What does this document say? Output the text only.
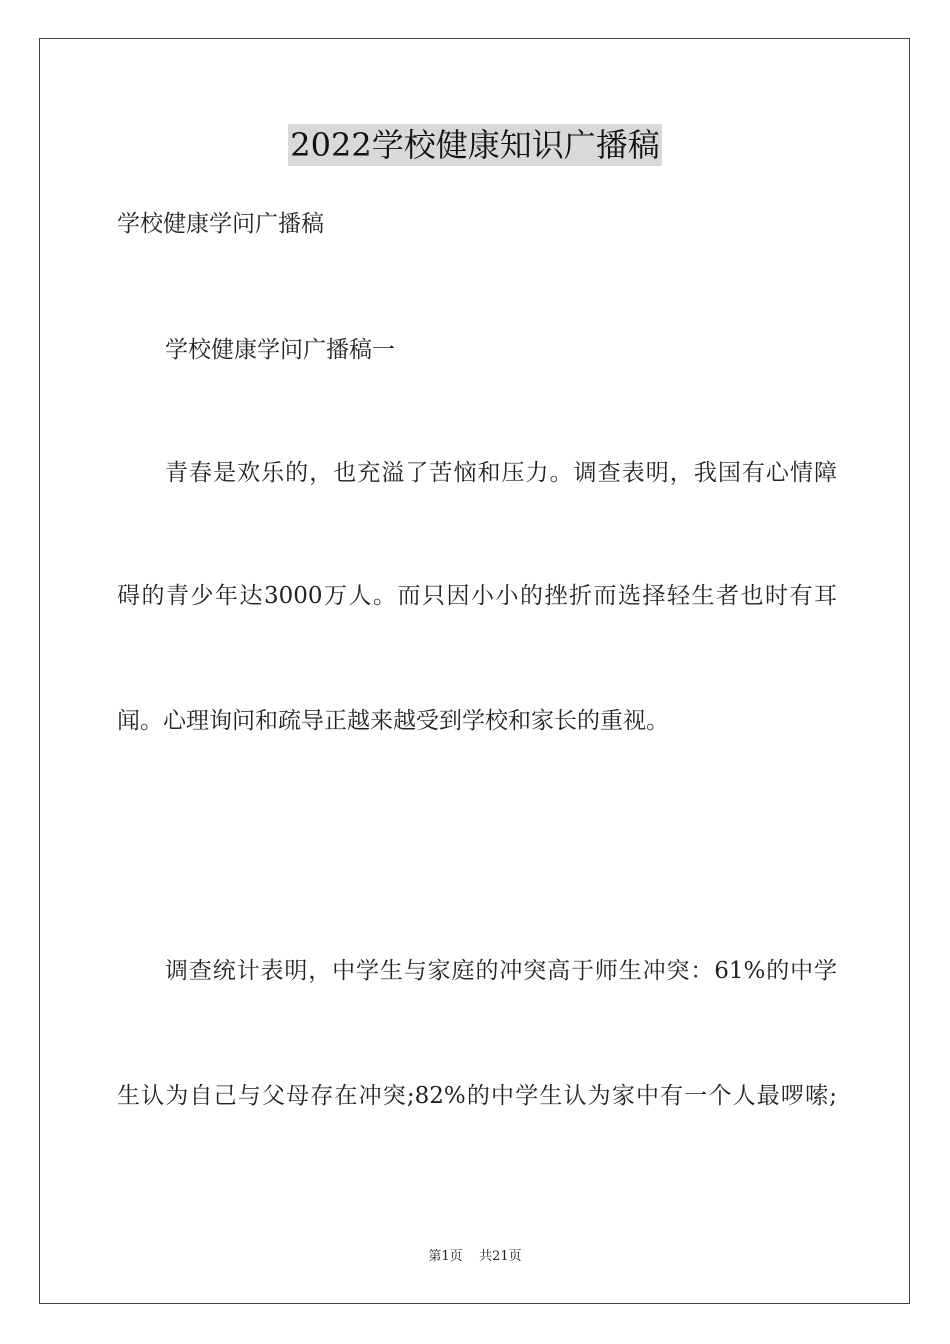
2022学校健康知识广播稿

学校健康学问广播稿

学校健康学问广播稿一

青春是欢乐的，也充溢了苦恼和压力。调查表明，我国有心情障

碍的青少年达3000万人。而只因小小的挫折而选择轻生者也时有耳

闻。心理询问和疏导正越来越受到学校和家长的重视。

调查统计表明，中学生与家庭的冲突高于师生冲突：61%的中学

生认为自己与父母存在冲突;82%的中学生认为家中有一个人最啰嗦;

第1页 共21页
